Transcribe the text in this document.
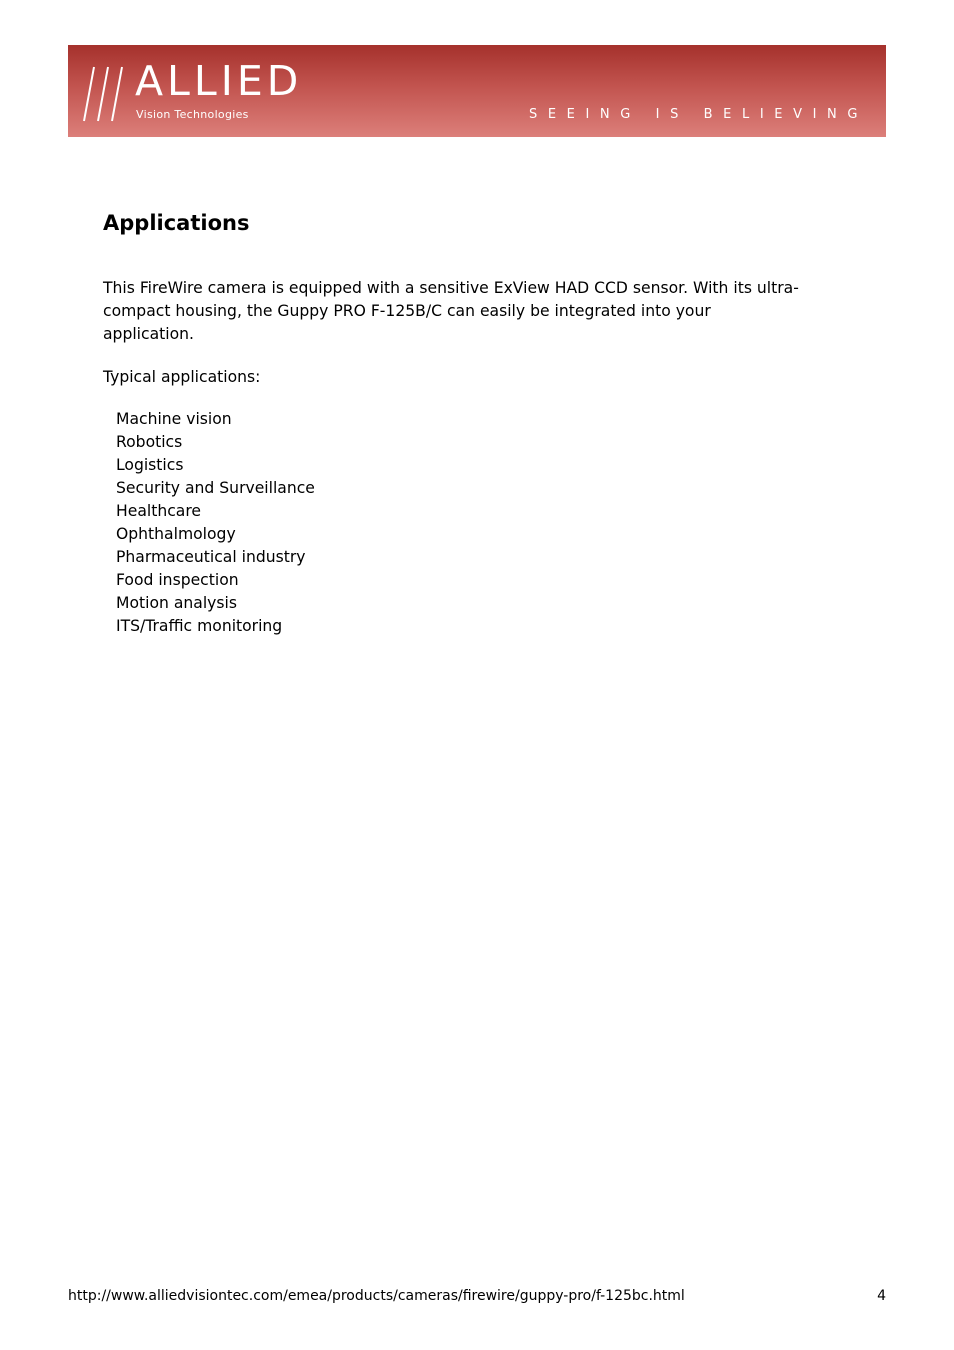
ALLIED
Vision Technologies	SEEING IS BELIEVING
Applications

This FireWire camera is equipped with a sensitive ExView HAD CCD sensor. With its ultra-compact housing, the Guppy PRO F-125B/C can easily be integrated into your application.

Typical applications:

Machine vision
Robotics
Logistics
Security and Surveillance
Healthcare
Ophthalmology
Pharmaceutical industry
Food inspection
Motion analysis
ITS/Traffic monitoring
http://www.alliedvisiontec.com/emea/products/cameras/firewire/guppy-pro/f-125bc.html	4
